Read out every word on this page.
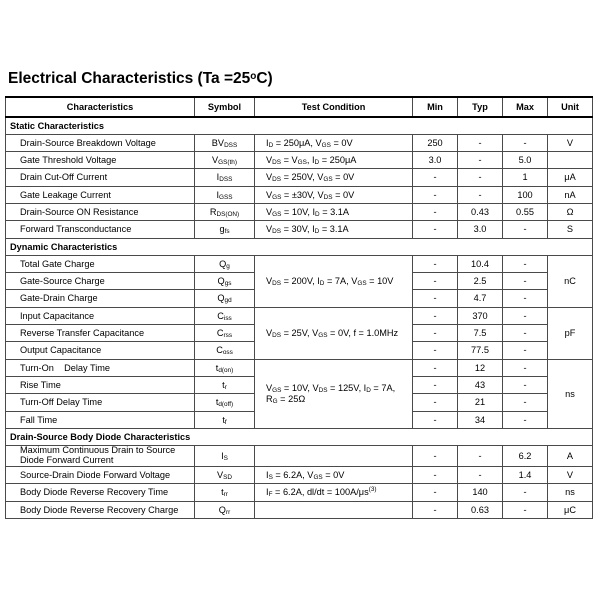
Electrical Characteristics $(Ta =25^oC)$
Characteristics	Symbol	Test Condition	Min	Typ	Max	Unit
Static Characteristics						
Drain-Source Breakdown Voltage	$BV_{DSS}$	$I_D = 250\mu A$, $V_{GS} = 0V$	250	-	-	V
Gate Threshold Voltage	$V_{GS(th)}$	$V_{DS} = V_{GS}$, $I_D = 250\mu A$	3.0	-	5.0	
Drain Cut-Off Current	$I_{DSS}$	$V_{DS} = 250V$, $V_{GS} = 0V$	-	-	1	μA
Gate Leakage Current	$I_{GSS}$	$V_{GS} = \pm 30V$, $V_{DS} = 0V$	-	-	100	nA
Drain-Source ON Resistance	$R_{DS(ON)}$	$V_{GS} = 10V$, $I_D = 3.1A$	-	0.43	0.55	Ω
Forward Transconductance	$g_{fs}$	$V_{DS} = 30V$, $I_D = 3.1A$	-	3.0	-	S
Dynamic Characteristics						
Total Gate Charge	$Q_g$	$V_{DS} = 200V$, $I_D = 7A$, $V_{GS} = 10V$	-	10.4	-	nC
Gate-Source Charge	$Q_{gs}$		-	2.5	-	
Gate-Drain Charge	$Q_{gd}$		-	4.7	-	
Input Capacitance	$C_{iss}$	$V_{DS} = 25V$, $V_{GS} = 0V$, f = 1.0MHz	-	370	-	pF
Reverse Transfer Capacitance	$C_{rss}$		-	7.5	-	
Output Capacitance	$C_{oss}$		-	77.5	-	
Turn-On    Delay Time	$t_{d(on)}$	$V_{GS} = 10V$, $V_{DS} = 125V$, $I_D = 7A$, $R_G = 25\Omega$	-	12	-	ns
Rise Time	$t_r$		-	43	-	
Turn-Off Delay Time	$t_{d(off)}$		-	21	-	
Fall Time	$t_f$		-	34	-	
Drain-Source Body Diode Characteristics						
Maximum Continuous Drain to Source Diode Forward Current	$I_S$		-	-	6.2	A
Source-Drain Diode Forward Voltage	$V_{SD}$	$I_S = 6.2A$, $V_{GS} = 0V$	-	-	1.4	V
Body Diode Reverse Recovery Time	$t_{rr}$	$I_F = 6.2A$, $dl/dt = 100A/\mu s^{(3)}$	-	140	-	ns
Body Diode Reverse Recovery Charge	$Q_{rr}$		-	0.63	-	μC
